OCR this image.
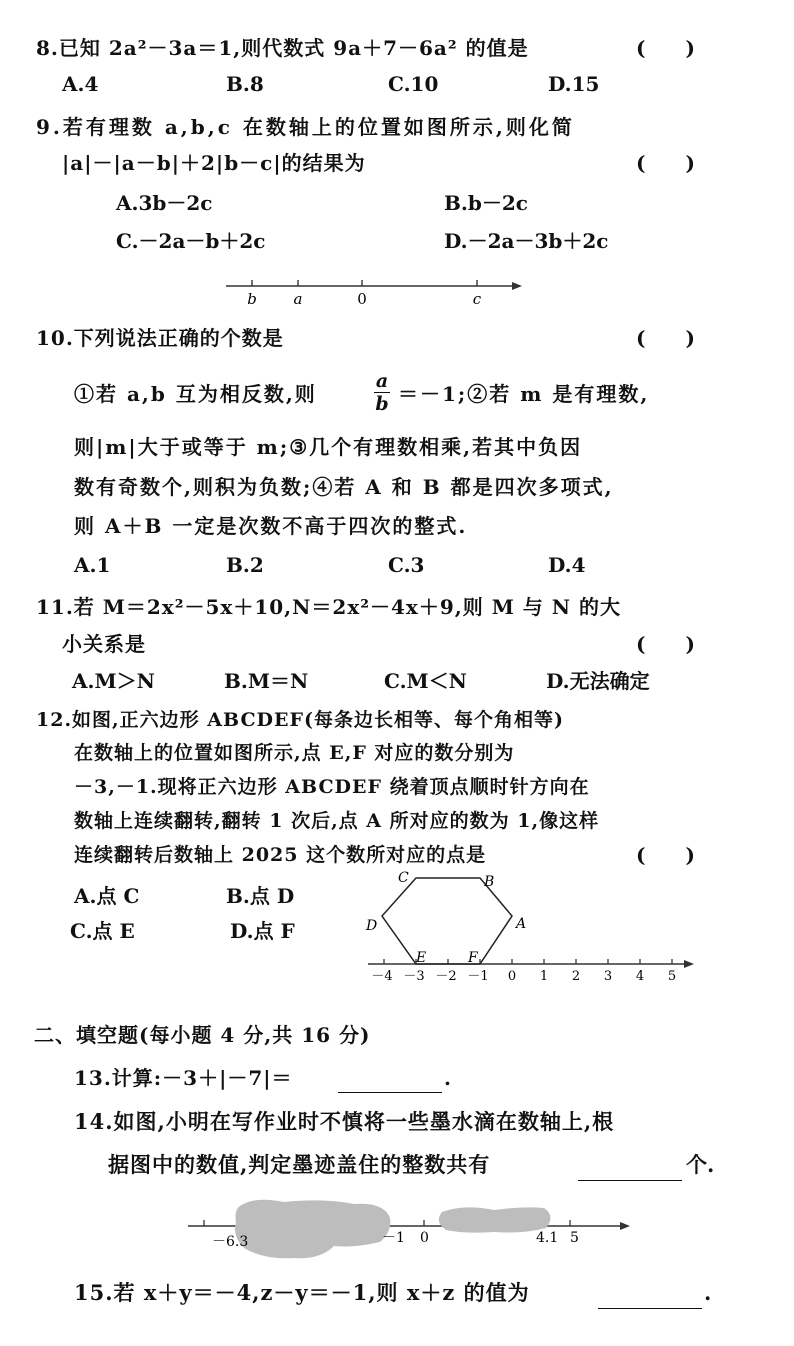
8.已知 2a²－3a＝1,则代数式 9a＋7－6a² 的值是	(　　)
A.4	B.8	C.10	D.15
9.若有理数 a,b,c 在数轴上的位置如图所示,则化简
|a|－|a－b|＋2|b－c|的结果为	(　　)
A.3b－2c	B.b－2c
C.－2a－b＋2c	D.－2a－3b＋2c
b a	0	c
10.下列说法正确的个数是	(　　)
①若 a,b 互为相反数,则
a
b ＝－1;②若 m 是有理数,
则|m|大于或等于 m;③几个有理数相乘,若其中负因
数有奇数个,则积为负数;④若 A 和 B 都是四次多项式,
则 A＋B 一定是次数不高于四次的整式.
A.1	B.2	C.3	D.4
11.若 M＝2x²－5x＋10,N＝2x²－4x＋9,则 M 与 N 的大
小关系是	(　　)
A.M＞N	B.M＝N	C.M＜N	D.无法确定
12.如图,正六边形 ABCDEF(每条边长相等、每个角相等)
在数轴上的位置如图所示,点 E,F 对应的数分别为
－3,－1.现将正六边形 ABCDEF 绕着顶点顺时针方向在
数轴上连续翻转,翻转 1 次后,点 A 所对应的数为 1,像这样
连续翻转后数轴上 2025 这个数所对应的点是	(　　)
A.点 C	B.点 D
C.点 E	D.点 F
－4 －3 －2 －1 0 1 2 3 4 5
A
B
C
D
E	F
二、填空题(每小题 4 分,共 16 分)
13.计算:－3＋|－7|＝	.
14.如图,小明在写作业时不慎将一些墨水滴在数轴上,根
据图中的数值,判定墨迹盖住的整数共有	个.
－6.3	－1 0	4.1 5
15.若 x＋y＝－4,z－y＝－1,则 x＋z 的值为	.
